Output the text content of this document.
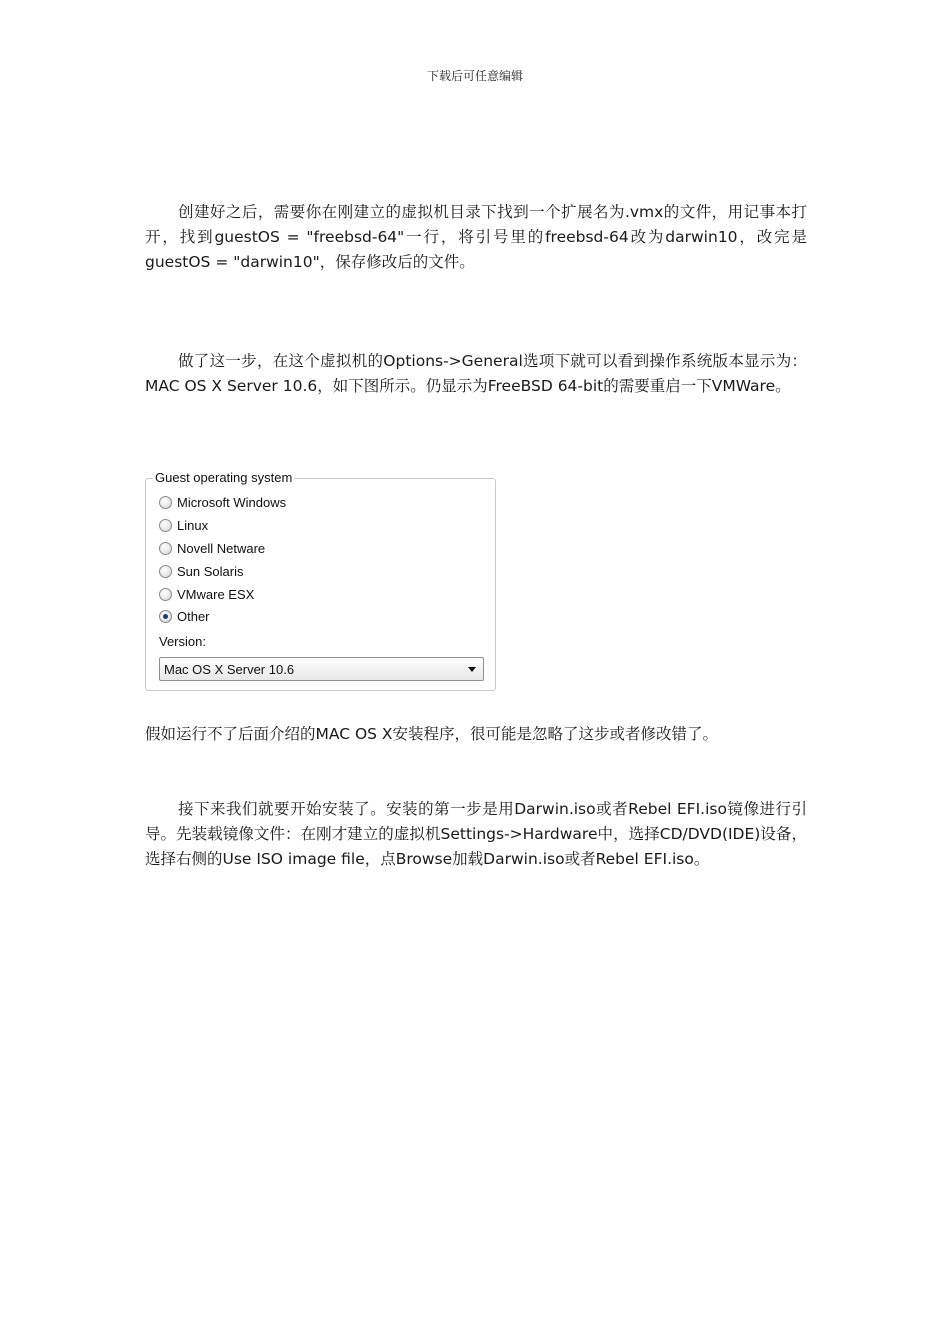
下载后可任意编辑

创建好之后，需要你在刚建立的虚拟机目录下找到一个扩展名为.vmx的文件，用记事本打开，找到guestOS = "freebsd-64"一行，将引号里的freebsd-64改为darwin10，改完是guestOS = "darwin10"，保存修改后的文件。

做了这一步，在这个虚拟机的Options->General选项下就可以看到操作系统版本显示为：MAC OS X Server 10.6，如下图所示。仍显示为FreeBSD 64-bit的需要重启一下VMWare。

Guest operating system
Microsoft Windows
Linux
Novell Netware
Sun Solaris
VMware ESX
Other
Version:
Mac OS X Server 10.6

假如运行不了后面介绍的MAC OS X安装程序，很可能是忽略了这步或者修改错了。

接下来我们就要开始安装了。安装的第一步是用Darwin.iso或者Rebel EFI.iso镜像进行引导。先装载镜像文件：在刚才建立的虚拟机Settings->Hardware中，选择CD/DVD(IDE)设备，选择右侧的Use ISO image file，点Browse加载Darwin.iso或者Rebel EFI.iso。
